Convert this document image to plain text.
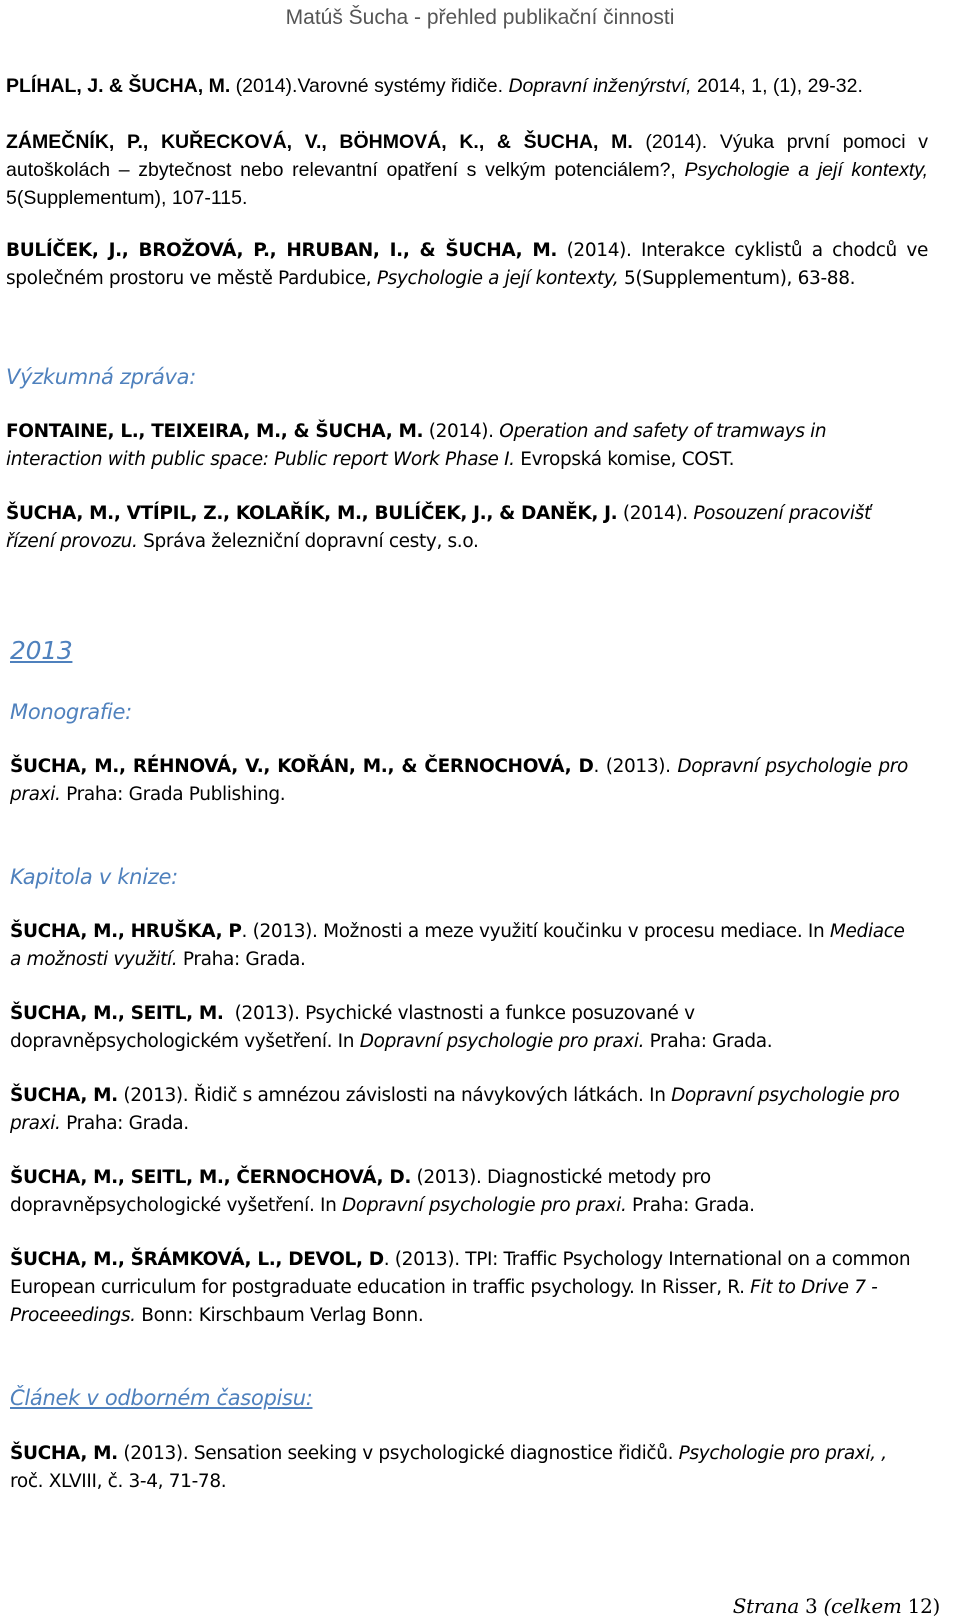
Matúš Šucha - přehled publikační činnosti

PLÍHAL, J. & ŠUCHA, M. (2014).Varovné systémy řidiče. Dopravní inženýrství, 2014, 1, (1), 29-32.

ZÁMEČNÍK, P., KUŘECKOVÁ, V., BÖHMOVÁ, K., & ŠUCHA, M. (2014). Výuka první pomoci v autoškolách – zbytečnost nebo relevantní opatření s velkým potenciálem?, Psychologie a její kontexty, 5(Supplementum), 107-115.

BULÍČEK, J., BROŽOVÁ, P., HRUBAN, I., & ŠUCHA, M. (2014). Interakce cyklistů a chodců ve společném prostoru ve městě Pardubice, Psychologie a její kontexty, 5(Supplementum), 63-88.

Výzkumná zpráva:

FONTAINE, L., TEIXEIRA, M., & ŠUCHA, M. (2014). Operation and safety of tramways in interaction with public space: Public report Work Phase I. Evropská komise, COST.

ŠUCHA, M., VTÍPIL, Z., KOLAŘÍK, M., BULÍČEK, J., & DANĚK, J. (2014). Posouzení pracovišť řízení provozu. Správa železniční dopravní cesty, s.o.

2013
Monografie:

ŠUCHA, M., RÉHNOVÁ, V., KOŘÁN, M., & ČERNOCHOVÁ, D. (2013). Dopravní psychologie pro praxi. Praha: Grada Publishing.

Kapitola v knize:

ŠUCHA, M., HRUŠKA, P. (2013). Možnosti a meze využití koučinku v procesu mediace. In Mediace a možnosti využití. Praha: Grada.

ŠUCHA, M., SEITL, M.  (2013). Psychické vlastnosti a funkce posuzované v dopravněpsychologickém vyšetření. In Dopravní psychologie pro praxi. Praha: Grada.

ŠUCHA, M. (2013). Řidič s amnézou závislosti na návykových látkách. In Dopravní psychologie pro praxi. Praha: Grada.

ŠUCHA, M., SEITL, M., ČERNOCHOVÁ, D. (2013). Diagnostické metody pro dopravněpsychologické vyšetření. In Dopravní psychologie pro praxi. Praha: Grada.

ŠUCHA, M., ŠRÁMKOVÁ, L., DEVOL, D. (2013). TPI: Traffic Psychology International on a common European curriculum for postgraduate education in traffic psychology. In Risser, R. Fit to Drive 7 - Proceeedings. Bonn: Kirschbaum Verlag Bonn.

Článek v odborném časopisu:

ŠUCHA, M. (2013). Sensation seeking v psychologické diagnostice řidičů. Psychologie pro praxi, , roč. XLVIII, č. 3-4, 71-78.

Strana 3 (celkem 12)
